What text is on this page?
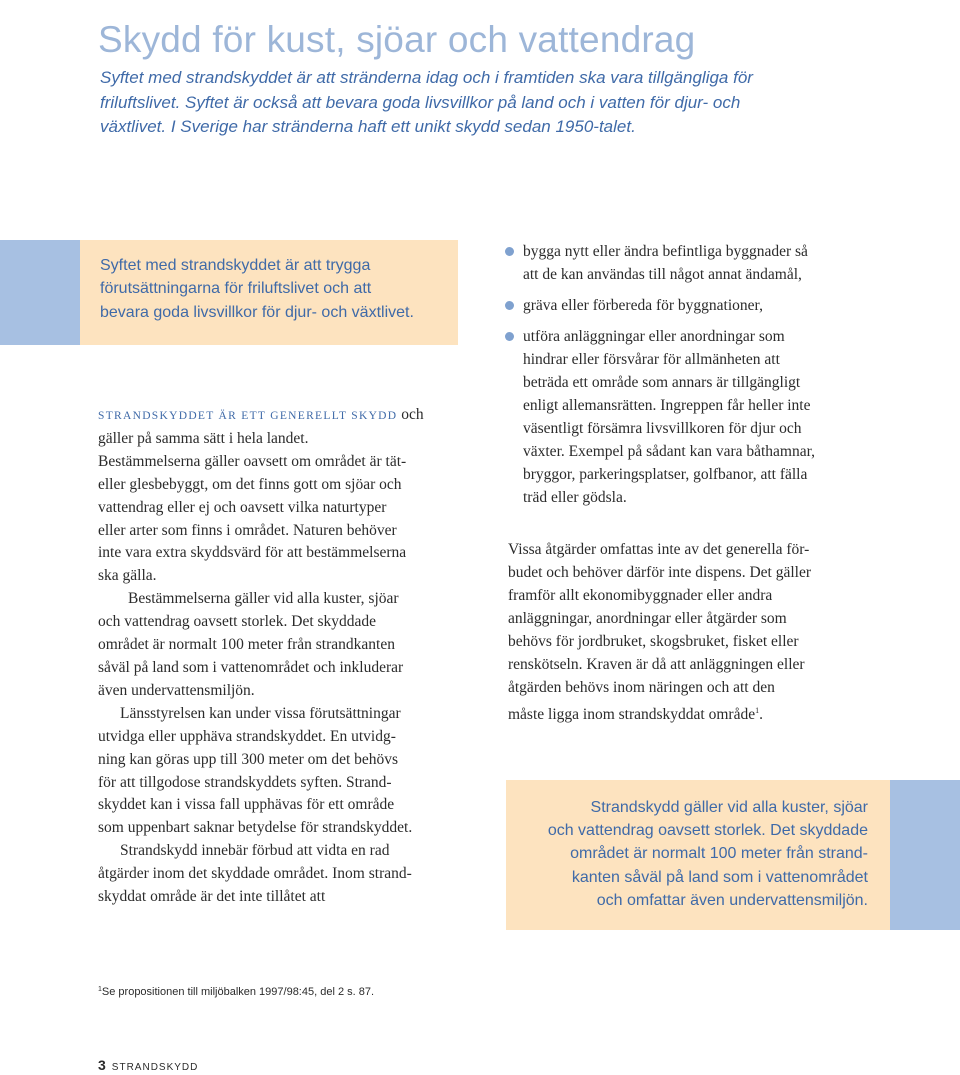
Skydd för kust, sjöar och vattendrag
Syftet med strandskyddet är att stränderna idag och i framtiden ska vara tillgängliga för
friluftslivet. Syftet är också att bevara goda livsvillkor på land och i vatten för djur- och
växtlivet. I Sverige har stränderna haft ett unikt skydd sedan 1950-talet.
Syftet med strandskyddet är att trygga
förutsättningarna för friluftslivet och att
bevara goda livsvillkor för djur- och växtlivet.
STRANDSKYDDET ÄR ETT GENERELLT SKYDD och
gäller på samma sätt i hela landet.
Bestämmelserna gäller oavsett om området är tät-
eller glesbebyggt, om det finns gott om sjöar och
vattendrag eller ej och oavsett vilka naturtyper
eller arter som finns i området. Naturen behöver
inte vara extra skyddsvärd för att bestämmelserna
ska gälla.
Bestämmelserna gäller vid alla kuster, sjöar
och vattendrag oavsett storlek. Det skyddade
området är normalt 100 meter från strandkanten
såväl på land som i vattenområdet och inkluderar
även undervattensmiljön.
Länsstyrelsen kan under vissa förutsättningar
utvidga eller upphäva strandskyddet. En utvidg-
ning kan göras upp till 300 meter om det behövs
för att tillgodose strandskyddets syften. Strand-
skyddet kan i vissa fall upphävas för ett område
som uppenbart saknar betydelse för strandskyddet.
Strandskydd innebär förbud att vidta en rad
åtgärder inom det skyddade området. Inom strand-
skyddat område är det inte tillåtet att
bygga nytt eller ändra befintliga byggnader så
att de kan användas till något annat ändamål,
gräva eller förbereda för byggnationer,
utföra anläggningar eller anordningar som
hindrar eller försvårar för allmänheten att
beträda ett område som annars är tillgängligt
enligt allemansrätten. Ingreppen får heller inte
väsentligt försämra livsvillkoren för djur och
växter. Exempel på sådant kan vara båthamnar,
bryggor, parkeringsplatser, golfbanor, att fälla
träd eller gödsla.
Vissa åtgärder omfattas inte av det generella för-
budet och behöver därför inte dispens. Det gäller
framför allt ekonomibyggnader eller andra
anläggningar, anordningar eller åtgärder som
behövs för jordbruket, skogsbruket, fisket eller
renskötseln. Kraven är då att anläggningen eller
åtgärden behövs inom näringen och att den
måste ligga inom strandskyddat område$^1$.
Strandskydd gäller vid alla kuster, sjöar
och vattendrag oavsett storlek. Det skyddade
området är normalt 100 meter från strand-
kanten såväl på land som i vattenområdet
och omfattar även undervattensmiljön.
$^1$Se propositionen till miljöbalken 1997/98:45, del 2 s. 87.
3 STRANDSKYDD
